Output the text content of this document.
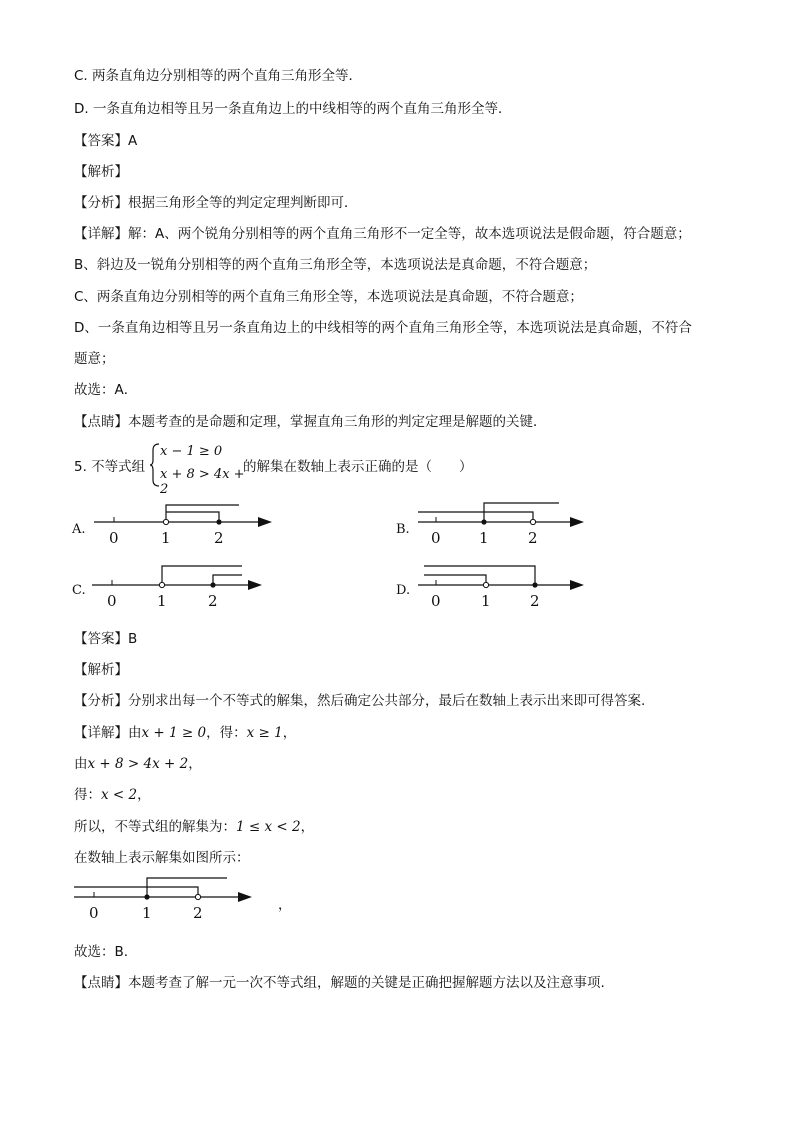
C. 两条直角边分别相等的两个直角三角形全等．
D. 一条直角边相等且另一条直角边上的中线相等的两个直角三角形全等．
【答案】A
【解析】
【分析】根据三角形全等的判定定理判断即可．
【详解】解：A、两个锐角分别相等的两个直角三角形不一定全等，故本选项说法是假命题，符合题意；
B、斜边及一锐角分别相等的两个直角三角形全等，本选项说法是真命题，不符合题意；
C、两条直角边分别相等的两个直角三角形全等，本选项说法是真命题，不符合题意；
D、一条直角边相等且另一条直角边上的中线相等的两个直角三角形全等，本选项说法是真命题，不符合
题意；
故选：A．
【点睛】本题考查的是命题和定理，掌握直角三角形的判定定理是解题的关键．
5. 不等式组
x − 1 ≥ 0
x + 8 > 4x + 2
的解集在数轴上表示正确的是（　　）
A. 0	1	2	B. 0	1	2
C.
0	1	2
D.
0	1	2
【答案】B
【解析】
【分析】分别求出每一个不等式的解集，然后确定公共部分，最后在数轴上表示出来即可得答案.
【详解】由x + 1 ≥ 0，得：x ≥ 1，
由x + 8 > 4x + 2，
得：x < 2，
所以，不等式组的解集为：1 ≤ x < 2，
在数轴上表示解集如图所示：
0	1	2	，
故选：B.
【点睛】本题考查了解一元一次不等式组，解题的关键是正确把握解题方法以及注意事项.
